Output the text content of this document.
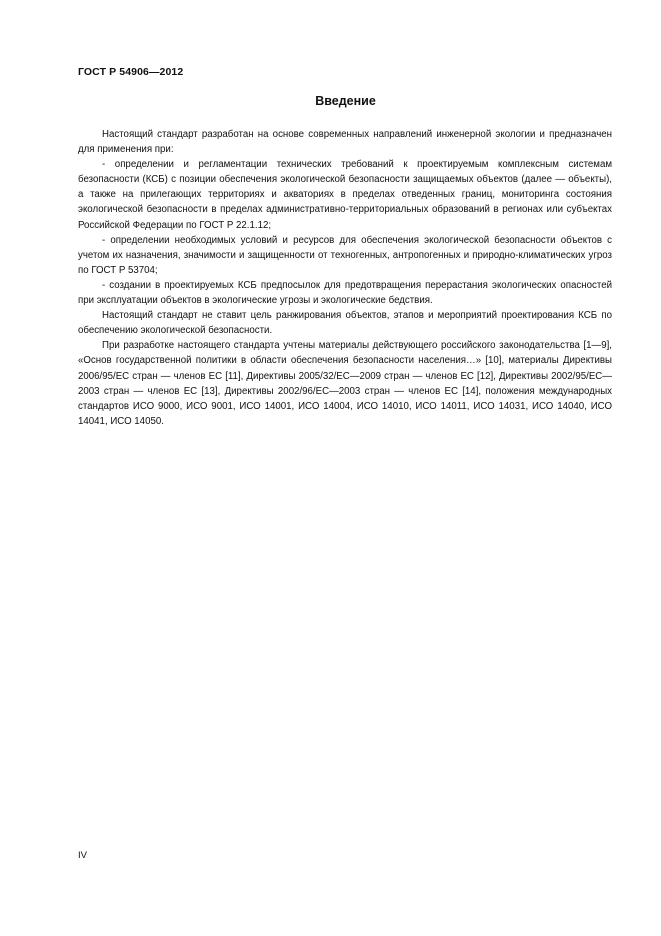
ГОСТ Р 54906—2012
Введение

Настоящий стандарт разработан на основе современных направлений инженерной экологии и предназначен для применения при:

- определении и регламентации технических требований к проектируемым комплексным системам безопасности (КСБ) с позиции обеспечения экологической безопасности защищаемых объектов (далее — объекты), а также на прилегающих территориях и акваториях в пределах отведенных границ, мониторинга состояния экологической безопасности в пределах административно-территориальных образований в регионах или субъектах Российской Федерации по ГОСТ Р 22.1.12;

- определении необходимых условий и ресурсов для обеспечения экологической безопасности объектов с учетом их назначения, значимости и защищенности от техногенных, антропогенных и природно-климатических угроз по ГОСТ Р 53704;

- создании в проектируемых КСБ предпосылок для предотвращения перерастания экологических опасностей при эксплуатации объектов в экологические угрозы и экологические бедствия.

Настоящий стандарт не ставит цель ранжирования объектов, этапов и мероприятий проектирования КСБ по обеспечению экологической безопасности.

При разработке настоящего стандарта учтены материалы действующего российского законодательства [1—9], «Основ государственной политики в области обеспечения безопасности населения…» [10], материалы Директивы 2006/95/ЕС стран — членов ЕС [11], Директивы 2005/32/ЕС—2009 стран — членов ЕС [12], Директивы 2002/95/ЕС—2003 стран — членов ЕС [13], Директивы 2002/96/ЕС—2003 стран — членов ЕС [14], положения международных стандартов ИСО 9000, ИСО 9001, ИСО 14001, ИСО 14004, ИСО 14010, ИСО 14011, ИСО 14031, ИСО 14040, ИСО 14041, ИСО 14050.

IV
